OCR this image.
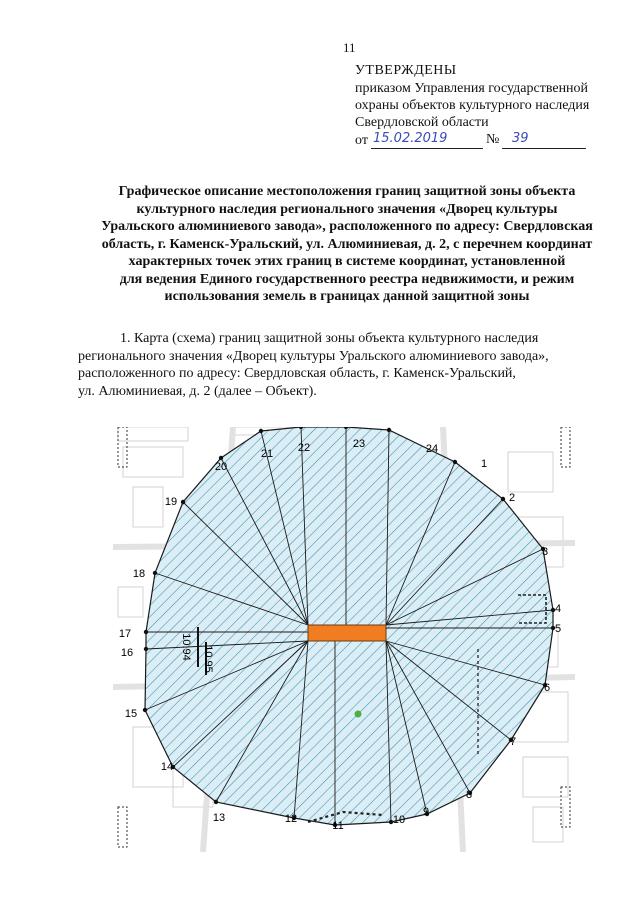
11
УТВЕРЖДЕНЫ
приказом Управления государственной
охраны объектов культурного наследия
Свердловской области
от 15.02.2019	№ 39
Графическое описание местоположения границ защитной зоны объекта
культурного наследия регионального значения «Дворец культуры
Уральского алюминиевого завода», расположенного по адресу: Свердловская
область, г. Каменск-Уральский, ул. Алюминиевая, д. 2, с перечнем координат
характерных точек этих границ в системе координат, установленной
для ведения Единого государственного реестра недвижимости, и режим
использования земель в границах данной защитной зоны
1. Карта (схема) границ защитной зоны объекта культурного наследия
регионального значения «Дворец культуры Уральского алюминиевого завода»,
расположенного по адресу: Свердловская область, г. Каменск-Уральский,
ул. Алюминиевая, д. 2 (далее – Объект).
1
2
3
4
5
6
7
8
9
10
11
12
13
14
15
16
17
18
19
20
21 22	23	24
10.94 10.95
